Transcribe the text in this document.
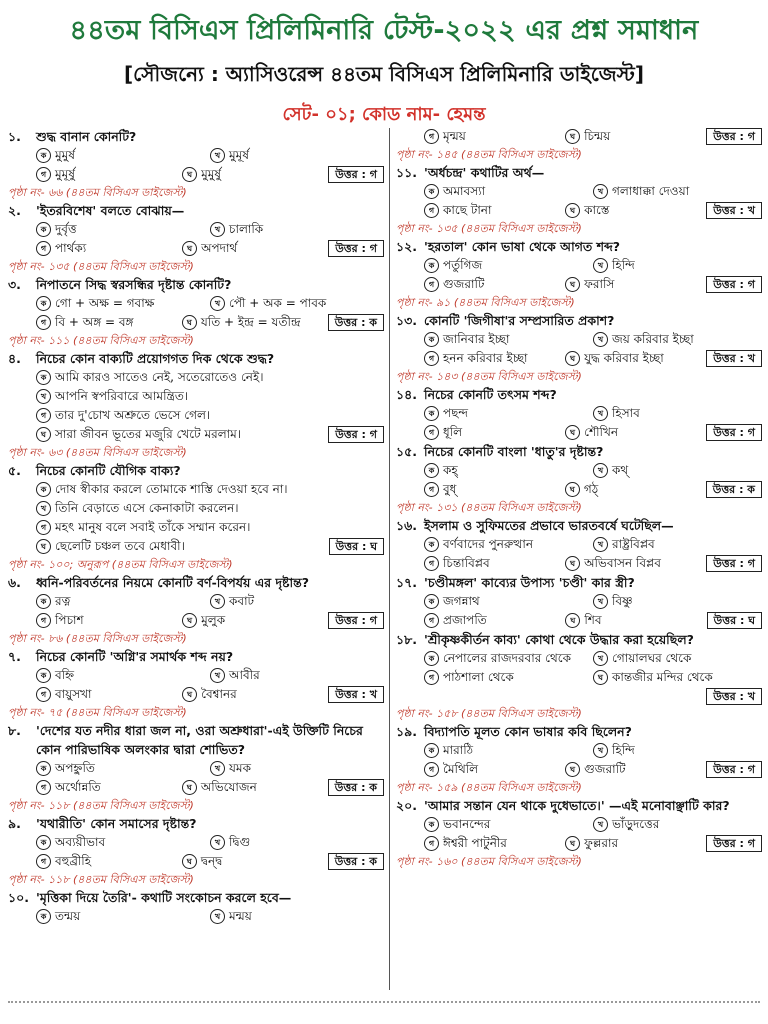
৪৪তম বিসিএস প্রিলিমিনারি টেস্ট-২০২২ এর প্রশ্ন সমাধান
[সৌজন্যে : অ্যাসিওরেন্স ৪৪তম বিসিএস প্রিলিমিনারি ডাইজেস্ট]
সেট- ০১; কোড নাম- হেমন্ত
১.	শুদ্ধ বানান কোনটি?
ক মুমুর্ষ	খ মুমূর্ষ
গ মুমূর্ষু	ঘ মুমুর্ষু	উত্তর : গ
পৃষ্ঠা নং- ৬৬ (৪৪তম বিসিএস ডাইজেস্ট)
২.	'ইতরবিশেষ' বলতে বোঝায়—
ক দুর্বৃত্ত	খ চালাকি
গ পার্থক্য	ঘ অপদার্থ	উত্তর : গ
পৃষ্ঠা নং- ১৩৫ (৪৪তম বিসিএস ডাইজেস্ট)
৩.	নিপাতনে সিদ্ধ স্বরসন্ধির দৃষ্টান্ত কোনটি?
ক গো + অক্ষ = গবাক্ষ	খ পৌ + অক = পাবক
গ বি + অঙ্গ = বঙ্গ	ঘ যতি + ইন্দ্র = যতীন্দ্র	উত্তর : ক
পৃষ্ঠা নং- ১১১ (৪৪তম বিসিএস ডাইজেস্ট)
৪.	নিচের কোন বাক্যটি প্রয়োগগত দিক থেকে শুদ্ধ?
ক আমি কারও সাতেও নেই, সতেরোতেও নেই।
খ আপনি স্বপরিবারে আমন্ত্রিত।
গ তার দু'চোখ অশ্রুতে ভেসে গেল।
ঘ সারা জীবন ভূতের মজুরি খেটে মরলাম।	উত্তর : গ
পৃষ্ঠা নং- ৬৩ (৪৪তম বিসিএস ডাইজেস্ট)
৫.	নিচের কোনটি যৌগিক বাক্য?
ক দোষ স্বীকার করলে তোমাকে শাস্তি দেওয়া হবে না।
খ তিনি বেড়াতে এসে কেনাকাটা করলেন।
গ মহৎ মানুষ বলে সবাই তাঁকে সম্মান করেন।
ঘ ছেলেটি চঞ্চল তবে মেধাবী।	উত্তর : ঘ
পৃষ্ঠা নং- ১০০; অনুরূপ (৪৪তম বিসিএস ডাইজেস্ট)
৬.	ধ্বনি-পরিবর্তনের নিয়মে কোনটি বর্ণ-বিপর্যয় এর দৃষ্টান্ত?
ক রত্ন	খ কবাট
গ পিচাশ	ঘ মুলুক	উত্তর : গ
পৃষ্ঠা নং- ৮৬ (৪৪তম বিসিএস ডাইজেস্ট)
৭.	নিচের কোনটি 'অগ্নি'র সমার্থক শব্দ নয়?
ক বহ্নি	খ আবীর
গ বায়ুসখা	ঘ বৈশ্বানর	উত্তর : খ
পৃষ্ঠা নং- ৭৫ (৪৪তম বিসিএস ডাইজেস্ট)
৮.	'দেশের যত নদীর ধারা জল না, ওরা অশ্রুধারা'-এই উক্তিটি নিচের কোন পারিভাষিক অলংকার দ্বারা শোভিত?
ক অপহ্নুতি	খ যমক
গ অর্থোন্নতি	ঘ অভিযোজন	উত্তর : ক
পৃষ্ঠা নং- ১১৮ (৪৪তম বিসিএস ডাইজেস্ট)
৯.	'যথারীতি' কোন সমাসের দৃষ্টান্ত?
ক অব্যয়ীভাব	খ দ্বিগু
গ বহুব্রীহি	ঘ দ্বন্দ্ব	উত্তর : ক
পৃষ্ঠা নং- ১১৮ (৪৪তম বিসিএস ডাইজেস্ট)
১০. 'মৃত্তিকা দিয়ে তৈরি'- কথাটি সংকোচন করলে হবে—
ক তন্ময়	খ মন্ময়
গ মৃন্ময়	ঘ চিন্ময়	উত্তর : গ
পৃষ্ঠা নং- ১৪৫ (৪৪তম বিসিএস ডাইজেস্ট)
১১. 'অর্ধচন্দ্র' কথাটির অর্থ—
ক অমাবস্যা	খ গলাধাক্কা দেওয়া
গ কাছে টানা	ঘ কাস্তে	উত্তর : খ
পৃষ্ঠা নং- ১৩৫ (৪৪তম বিসিএস ডাইজেস্ট)
১২. 'হরতাল' কোন ভাষা থেকে আগত শব্দ?
ক পর্তুগিজ	খ হিন্দি
গ গুজরাটি	ঘ ফরাসি	উত্তর : গ
পৃষ্ঠা নং- ৯১ (৪৪তম বিসিএস ডাইজেস্ট)
১৩. কোনটি 'জিগীষা'র সম্প্রসারিত প্রকাশ?
ক জানিবার ইচ্ছা	খ জয় করিবার ইচ্ছা
গ হনন করিবার ইচ্ছা	ঘ যুদ্ধ করিবার ইচ্ছা	উত্তর : খ
পৃষ্ঠা নং- ১৪৩ (৪৪তম বিসিএস ডাইজেস্ট)
১৪. নিচের কোনটি তৎসম শব্দ?
ক পছন্দ	খ হিসাব
গ ধূলি	ঘ শৌখিন	উত্তর : গ
১৫. নিচের কোনটি বাংলা 'ধাতু'র দৃষ্টান্ত?
ক কহ্	খ কথ্
গ বুধ্	ঘ গঠ্	উত্তর : ক
পৃষ্ঠা নং- ১৩১ (৪৪তম বিসিএস ডাইজেস্ট)
১৬. ইসলাম ও সুফিমতের প্রভাবে ভারতবর্ষে ঘটেছিল—
ক বর্ণবাদের পুনরুত্থান	খ রাষ্ট্রবিপ্লব
গ চিন্তাবিপ্লব	ঘ অভিবাসন বিপ্লব	উত্তর : গ
১৭. 'চণ্ডীমঙ্গল' কাব্যের উপাস্য 'চণ্ডী' কার স্ত্রী?
ক জগন্নাথ	খ বিষ্ণু
গ প্রজাপতি	ঘ শিব	উত্তর : ঘ
১৮. 'শ্রীকৃষ্ণকীর্তন কাব্য' কোথা থেকে উদ্ধার করা হয়েছিল?
ক নেপালের রাজদরবার থেকে	খ গোয়ালঘর থেকে
গ পাঠশালা থেকে	ঘ কান্তজীর মন্দির থেকে
উত্তর : খ
পৃষ্ঠা নং- ১৫৮ (৪৪তম বিসিএস ডাইজেস্ট)
১৯. বিদ্যাপতি মূলত কোন ভাষার কবি ছিলেন?
ক মারাঠি	খ হিন্দি
গ মৈথিলি	ঘ গুজরাটি	উত্তর : গ
পৃষ্ঠা নং- ১৫৯ (৪৪তম বিসিএস ডাইজেস্ট)
২০. 'আমার সন্তান যেন থাকে দুধেভাতে।' —এই মনোবাঞ্ছাটি কার?
ক ভবানন্দের	খ ভাঁড়ুদত্তের
গ ঈশ্বরী পাটুনীর	ঘ ফুল্লরার	উত্তর : গ
পৃষ্ঠা নং- ১৬০ (৪৪তম বিসিএস ডাইজেস্ট)
